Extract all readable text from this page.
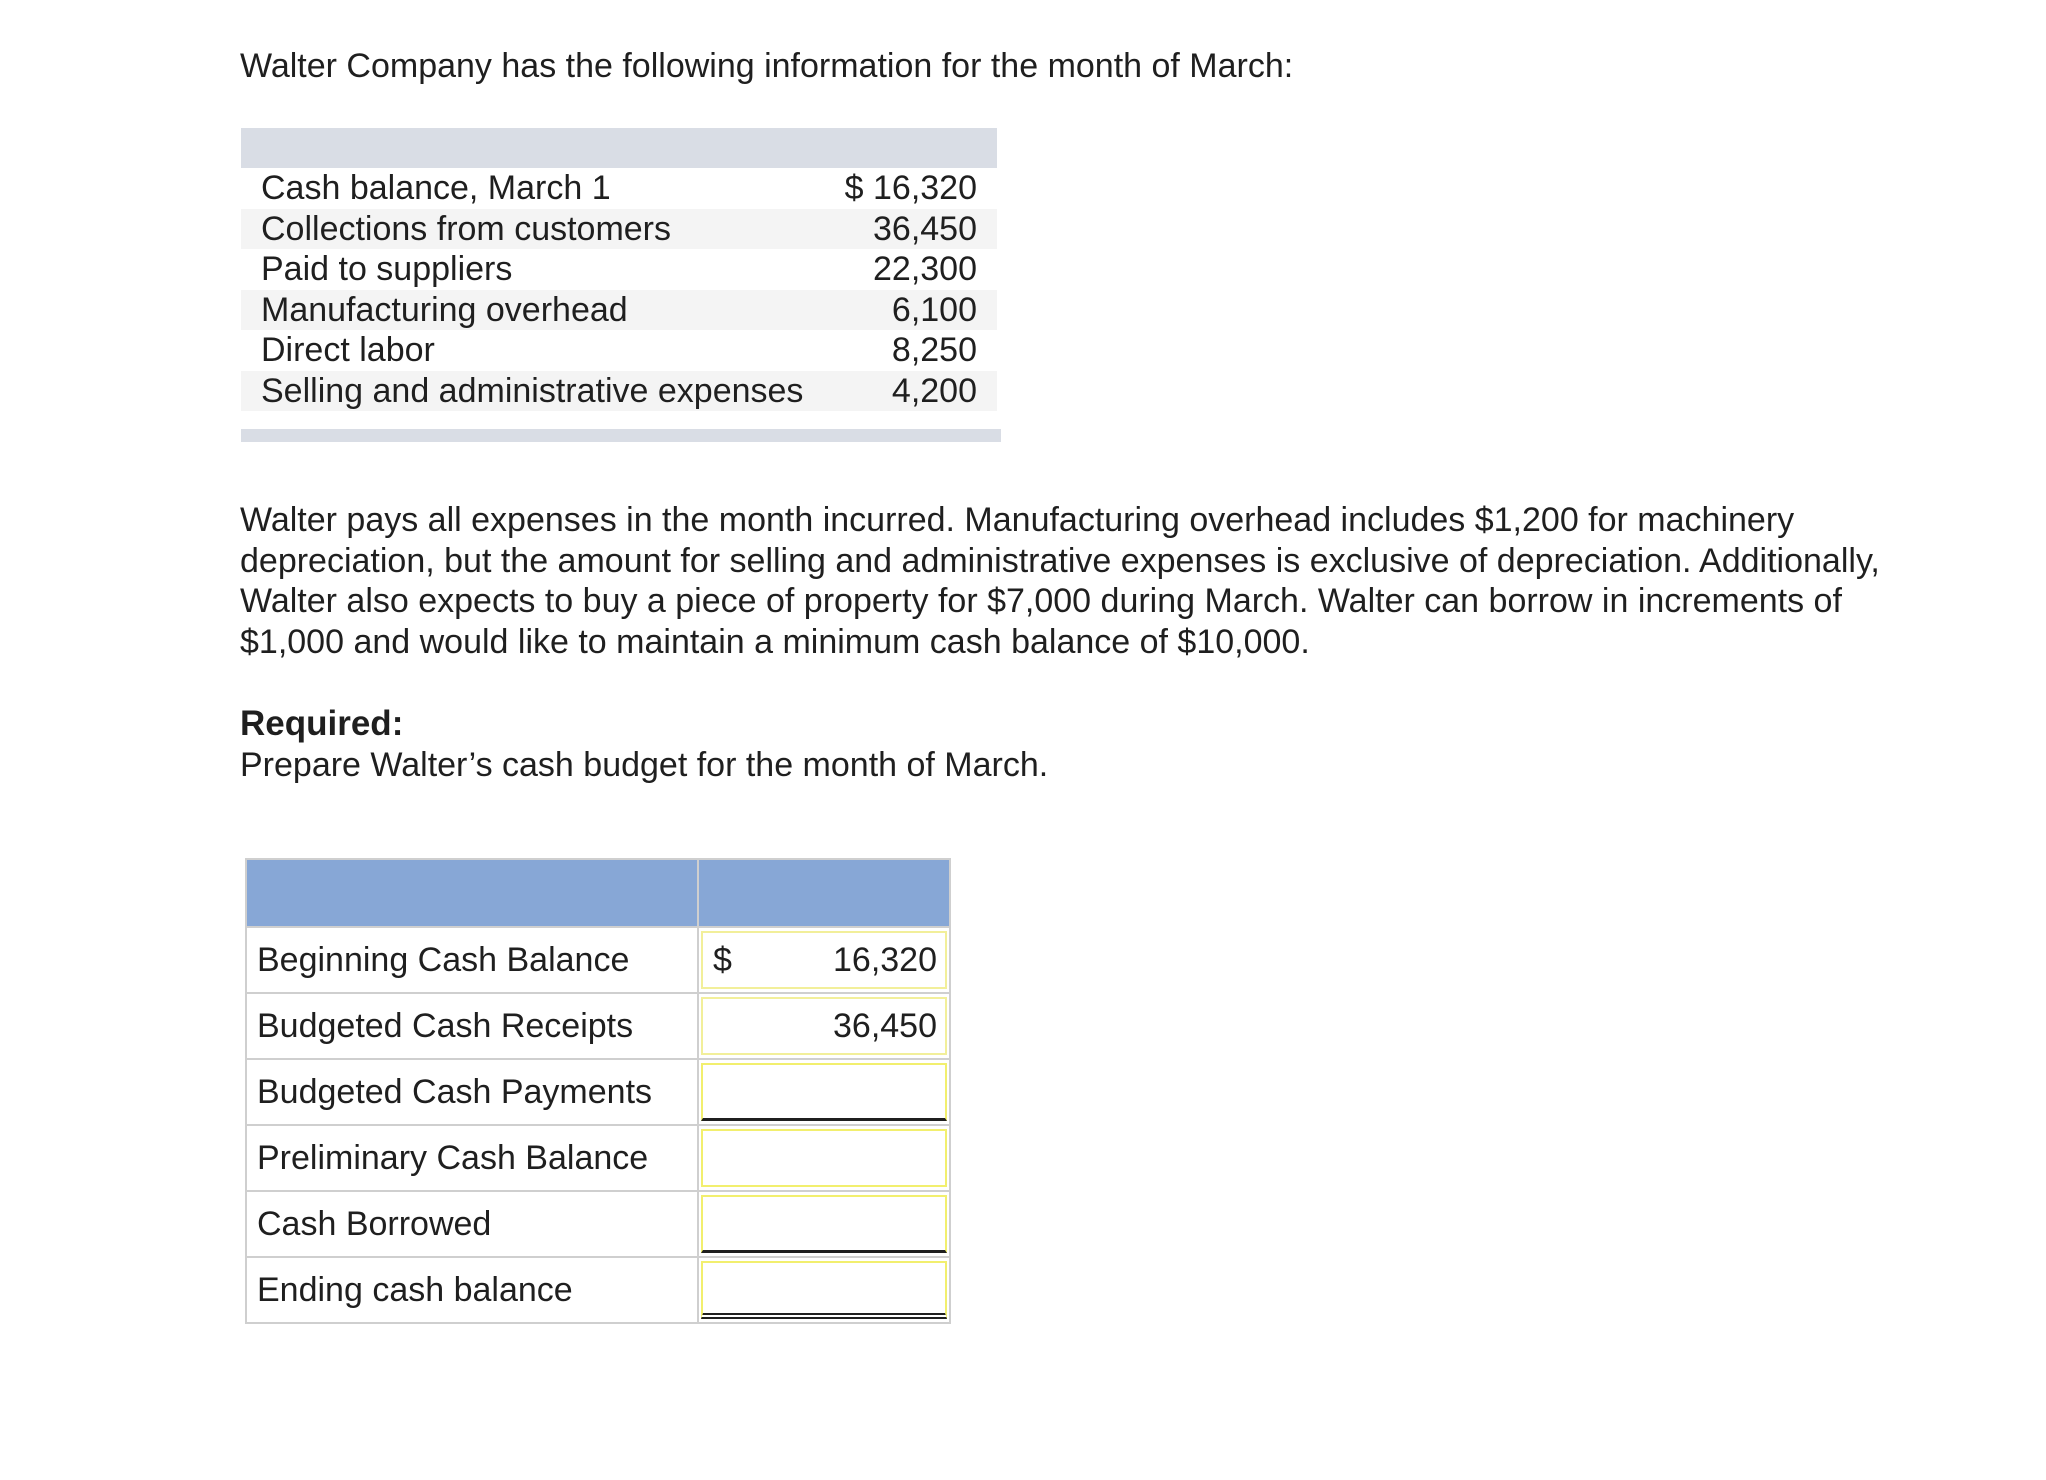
Walter Company has the following information for the month of March:

Cash balance, March 1	$ 16,320
Collections from customers	36,450
Paid to suppliers	22,300
Manufacturing overhead	6,100
Direct labor	8,250
Selling and administrative expenses	4,200

Walter pays all expenses in the month incurred. Manufacturing overhead includes $1,200 for machinery depreciation, but the amount for selling and administrative expenses is exclusive of depreciation. Additionally, Walter also expects to buy a piece of property for $7,000 during March. Walter can borrow in increments of $1,000 and would like to maintain a minimum cash balance of $10,000.

Required:

Prepare Walter’s cash budget for the month of March.

Beginning Cash Balance	$ 16,320

Budgeted Cash Receipts	36,450

Budgeted Cash Payments	

Preliminary Cash Balance	

Cash Borrowed	

Ending cash balance	
